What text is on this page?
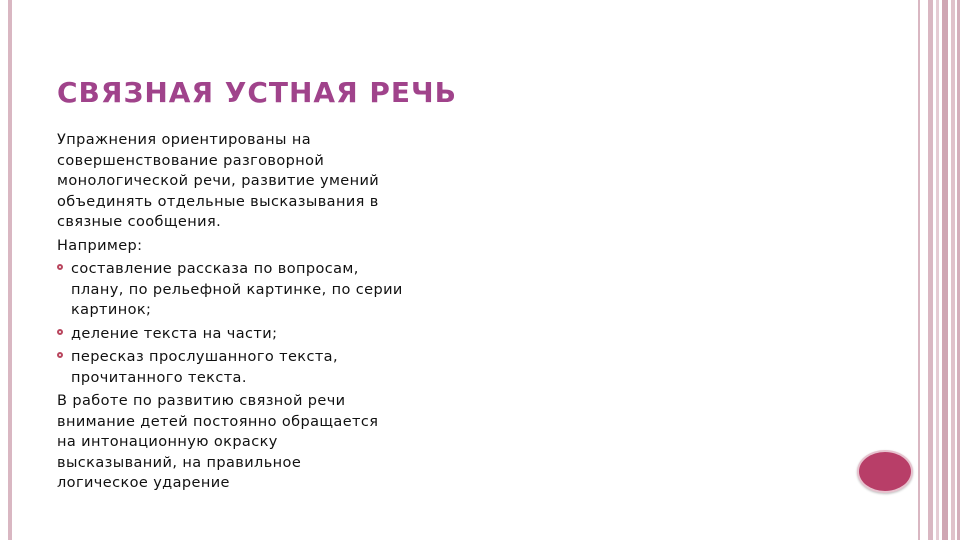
СВЯЗНАЯ УСТНАЯ РЕЧЬ

Упражнения ориентированы на
совершенствование разговорной
монологической речи, развитие умений
объединять отдельные высказывания в
связные сообщения.

Например:

составление рассказа по вопросам,
плану, по рельефной картинке, по серии
картинок;
деление текста на части;
пересказ прослушанного текста,
прочитанного текста.

В работе по развитию связной речи
внимание детей постоянно обращается
на интонационную окраску
высказываний, на правильное
логическое ударение
